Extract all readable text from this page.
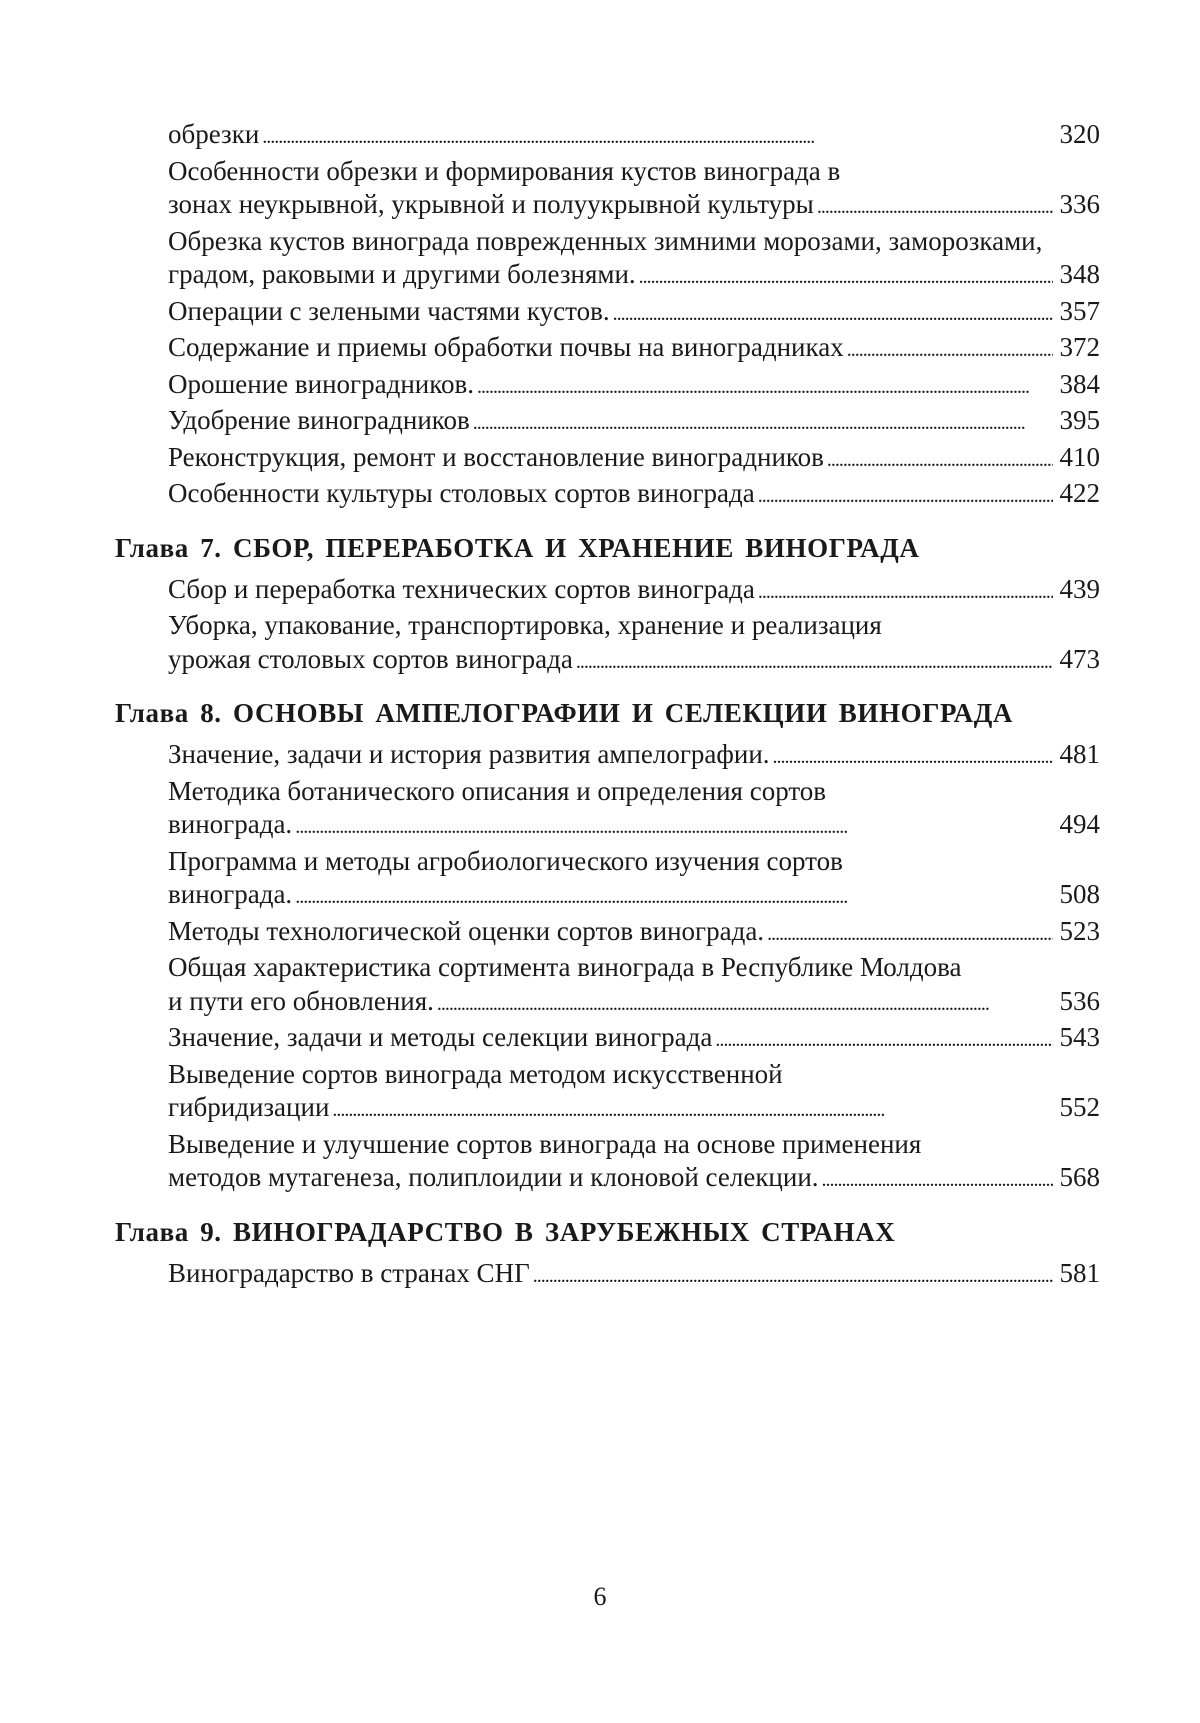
обрезки . . .	320
Особенности обрезки и формирования кустов винограда в
зонах неукрывной, укрывной и полуукрывной культуры . . .	336
Обрезка кустов винограда поврежденных зимними морозами, заморозками,
градом, раковыми и другими болезнями. . . .	348
Операции с зелеными частями кустов. . . .	357
Содержание и приемы обработки почвы на виноградниках . . .	372
Орошение виноградников. . . .	384
Удобрение виноградников . . .	395
Реконструкция, ремонт и восстановление виноградников . . .	410
Особенности культуры столовых сортов винограда . . .	422
Глава 7. СБОР, ПЕРЕРАБОТКА И ХРАНЕНИЕ ВИНОГРАДА
Сбор и переработка технических сортов винограда . . .	439
Уборка, упакование, транспортировка, хранение и реализация
урожая столовых сортов винограда . . .	473
Глава 8. ОСНОВЫ АМПЕЛОГРАФИИ И СЕЛЕКЦИИ ВИНОГРАДА
Значение, задачи и история развития ампелографии. . . .	481
Методика ботанического описания и определения сортов
винограда. . . .	494
Программа и методы агробиологического изучения сортов
винограда. . . .	508
Методы технологической оценки сортов винограда. . . .	523
Общая характеристика сортимента винограда в Республике Молдова
и пути его обновления. . . .	536
Значение, задачи и методы селекции винограда . . .	543
Выведение сортов винограда методом искусственной
гибридизации . . .	552
Выведение и улучшение сортов винограда на основе применения
методов мутагенеза, полиплоидии и клоновой селекции. . . .	568
Глава 9. ВИНОГРАДАРСТВО В ЗАРУБЕЖНЫХ СТРАНАХ
Виноградарство в странах СНГ . . .	581
6
